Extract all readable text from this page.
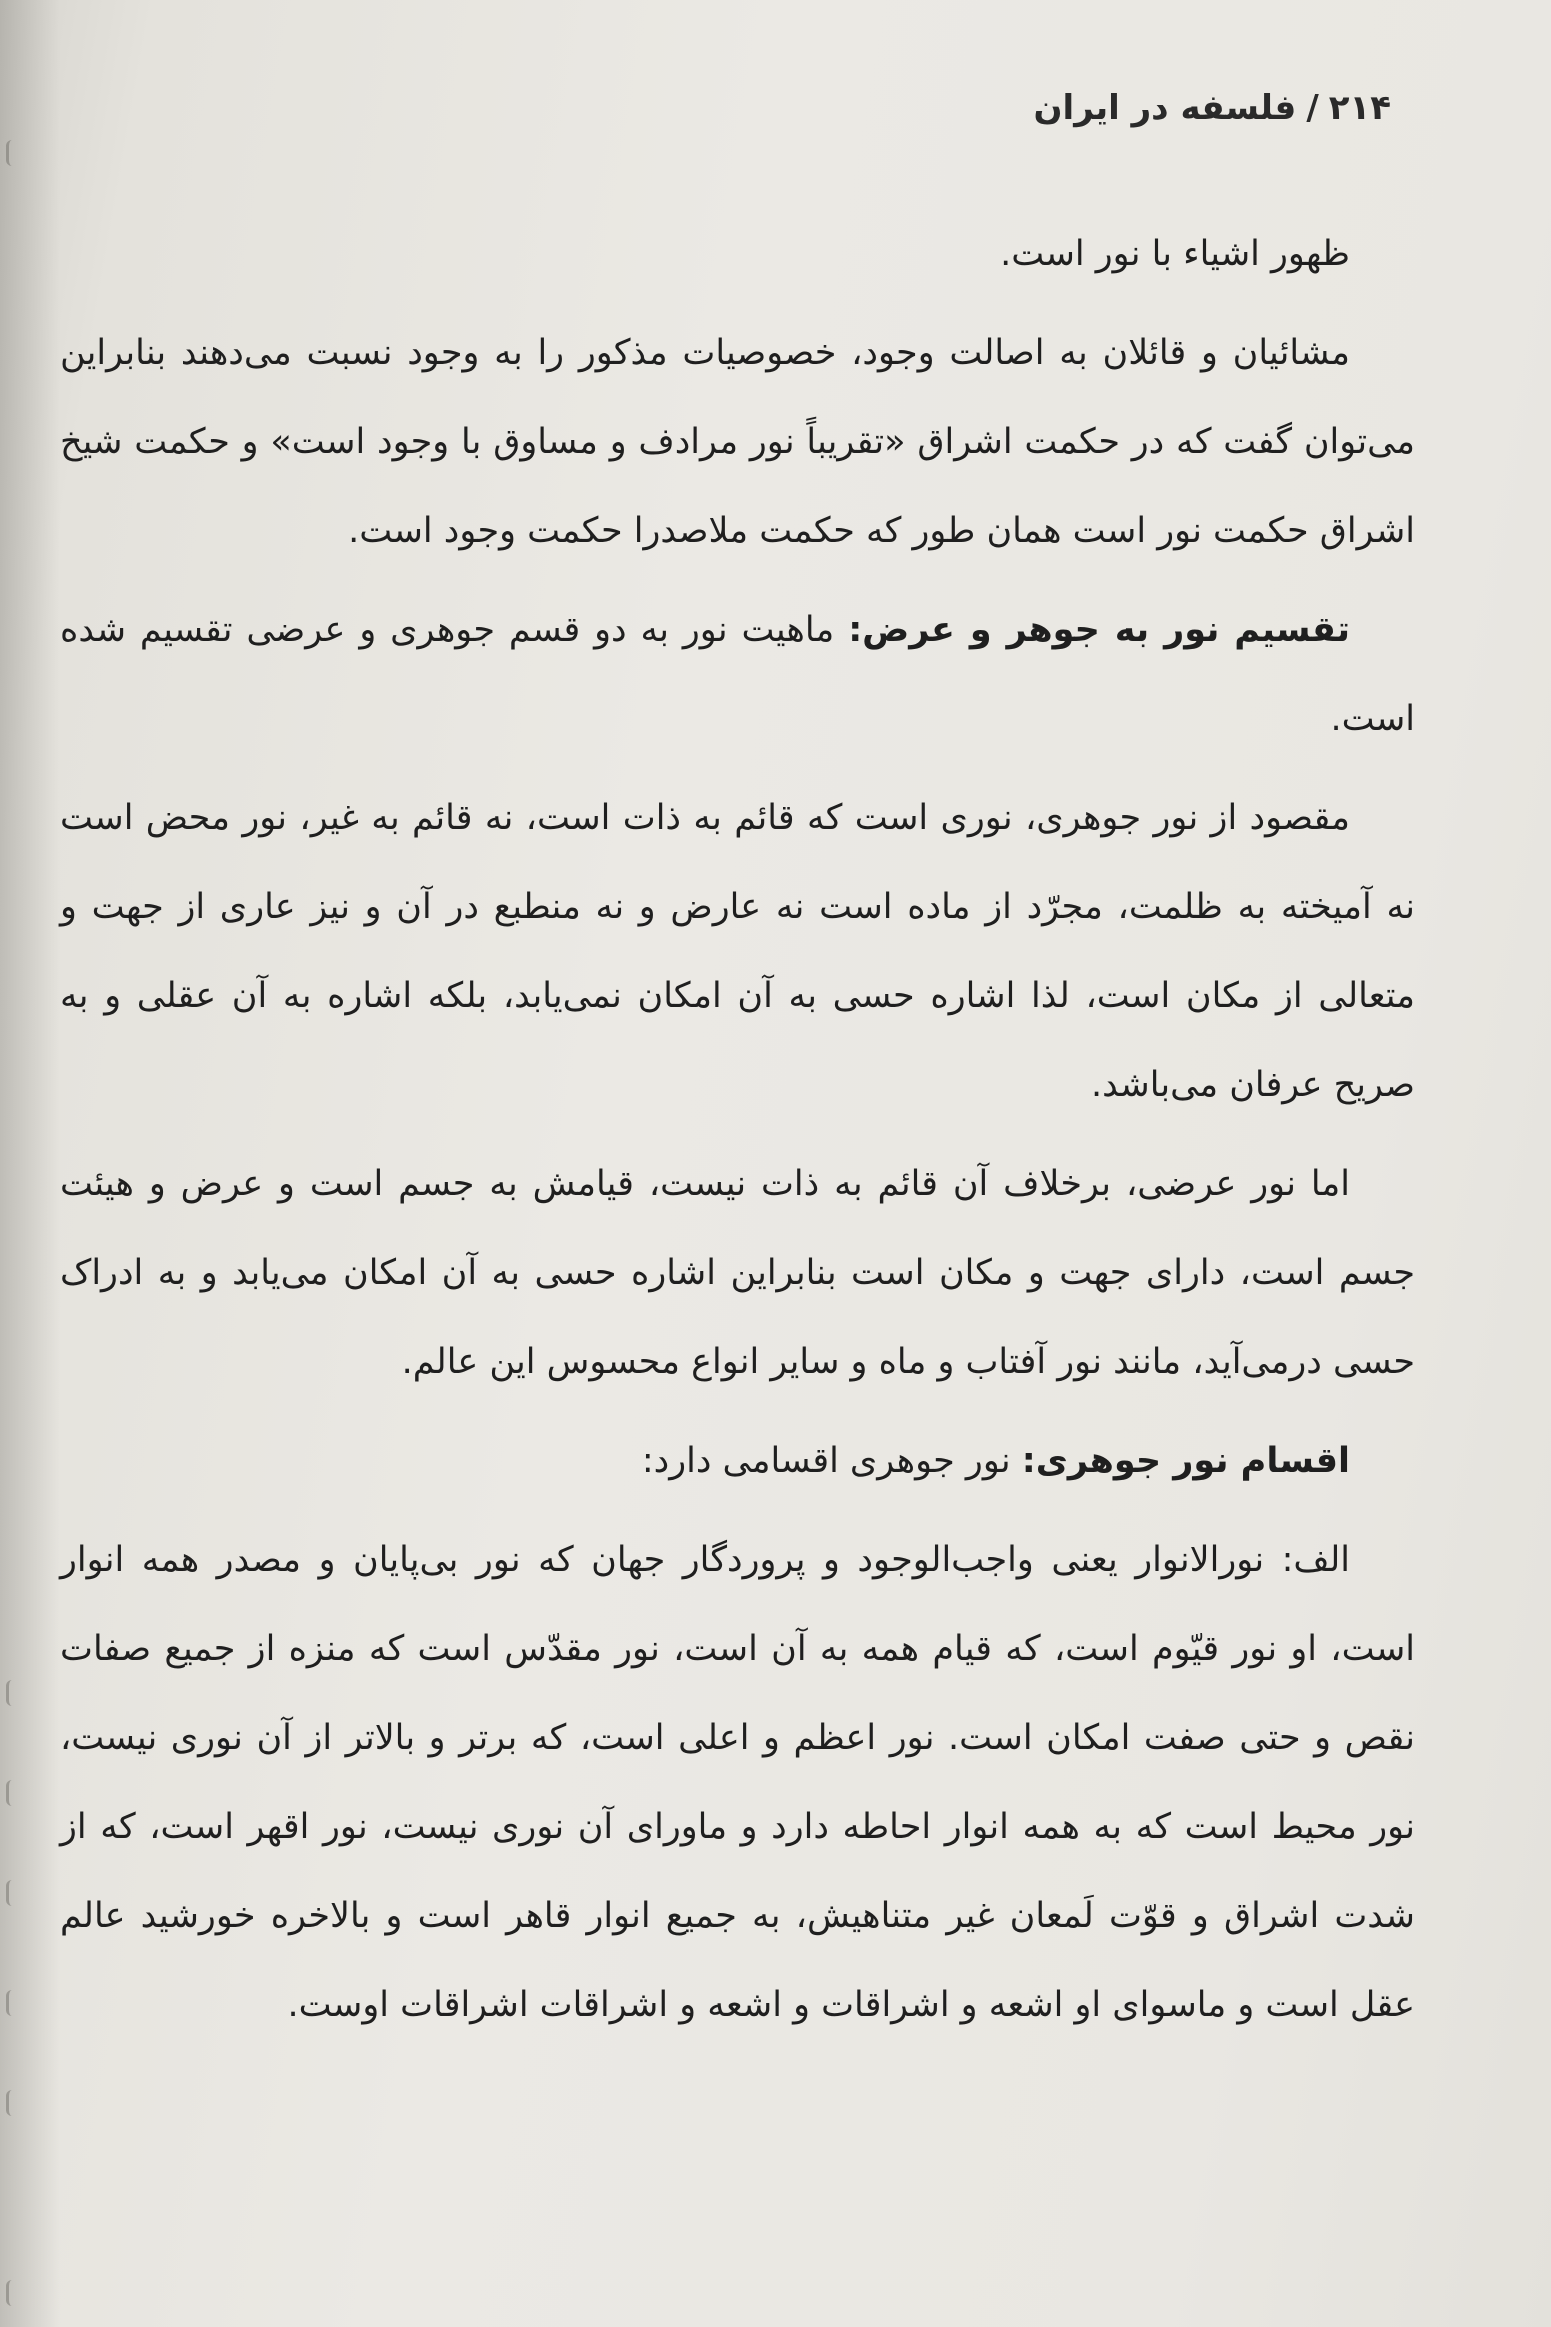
۲۱۴/فلسفه در ایران

ظهور اشیاء با نور است.

مشائیان و قائلان به اصالت وجود، خصوصیات مذکور را به وجود نسبت می‌دهند بنابراین می‌توان گفت که در حکمت اشراق «تقریباً نور مرادف و مساوق با وجود است» و حکمت شیخ اشراق حکمت نور است همان طور که حکمت ملاصدرا حکمت وجود است.

تقسیم نور به جوهر و عرض: ماهیت نور به دو قسم جوهری و عرضی تقسیم شده است.

مقصود از نور جوهری، نوری است که قائم به ذات است، نه قائم به غیر، نور محض است نه آمیخته به ظلمت، مجرّد از ماده است نه عارض و نه منطبع در آن و نیز عاری از جهت و متعالی از مکان است، لذا اشاره حسی به آن امکان نمی‌یابد، بلکه اشاره به آن عقلی و به صریح عرفان می‌باشد.

اما نور عرضی، برخلاف آن قائم به ذات نیست، قیامش به جسم است و عرض و هیئت جسم است، دارای جهت و مکان است بنابراین اشاره حسی به آن امکان می‌یابد و به ادراک حسی درمی‌آید، مانند نور آفتاب و ماه و سایر انواع محسوس این عالم.

اقسام نور جوهری: نور جوهری اقسامی دارد:

الف: نورالانوار یعنی واجب‌الوجود و پروردگار جهان که نور بی‌پایان و مصدر همه انوار است، او نور قیّوم است، که قیام همه به آن است، نور مقدّس است که منزه از جمیع صفات نقص و حتی صفت امکان است. نور اعظم و اعلی است، که برتر و بالاتر از آن نوری نیست، نور محیط است که به همه انوار احاطه دارد و ماورای آن نوری نیست، نور اقهر است، که از شدت اشراق و قوّت لَمعان غیر متناهیش، به جمیع انوار قاهر است و بالاخره خورشید عالم عقل است و ماسوای او اشعه و اشراقات و اشعه و اشراقات اشراقات اوست.
